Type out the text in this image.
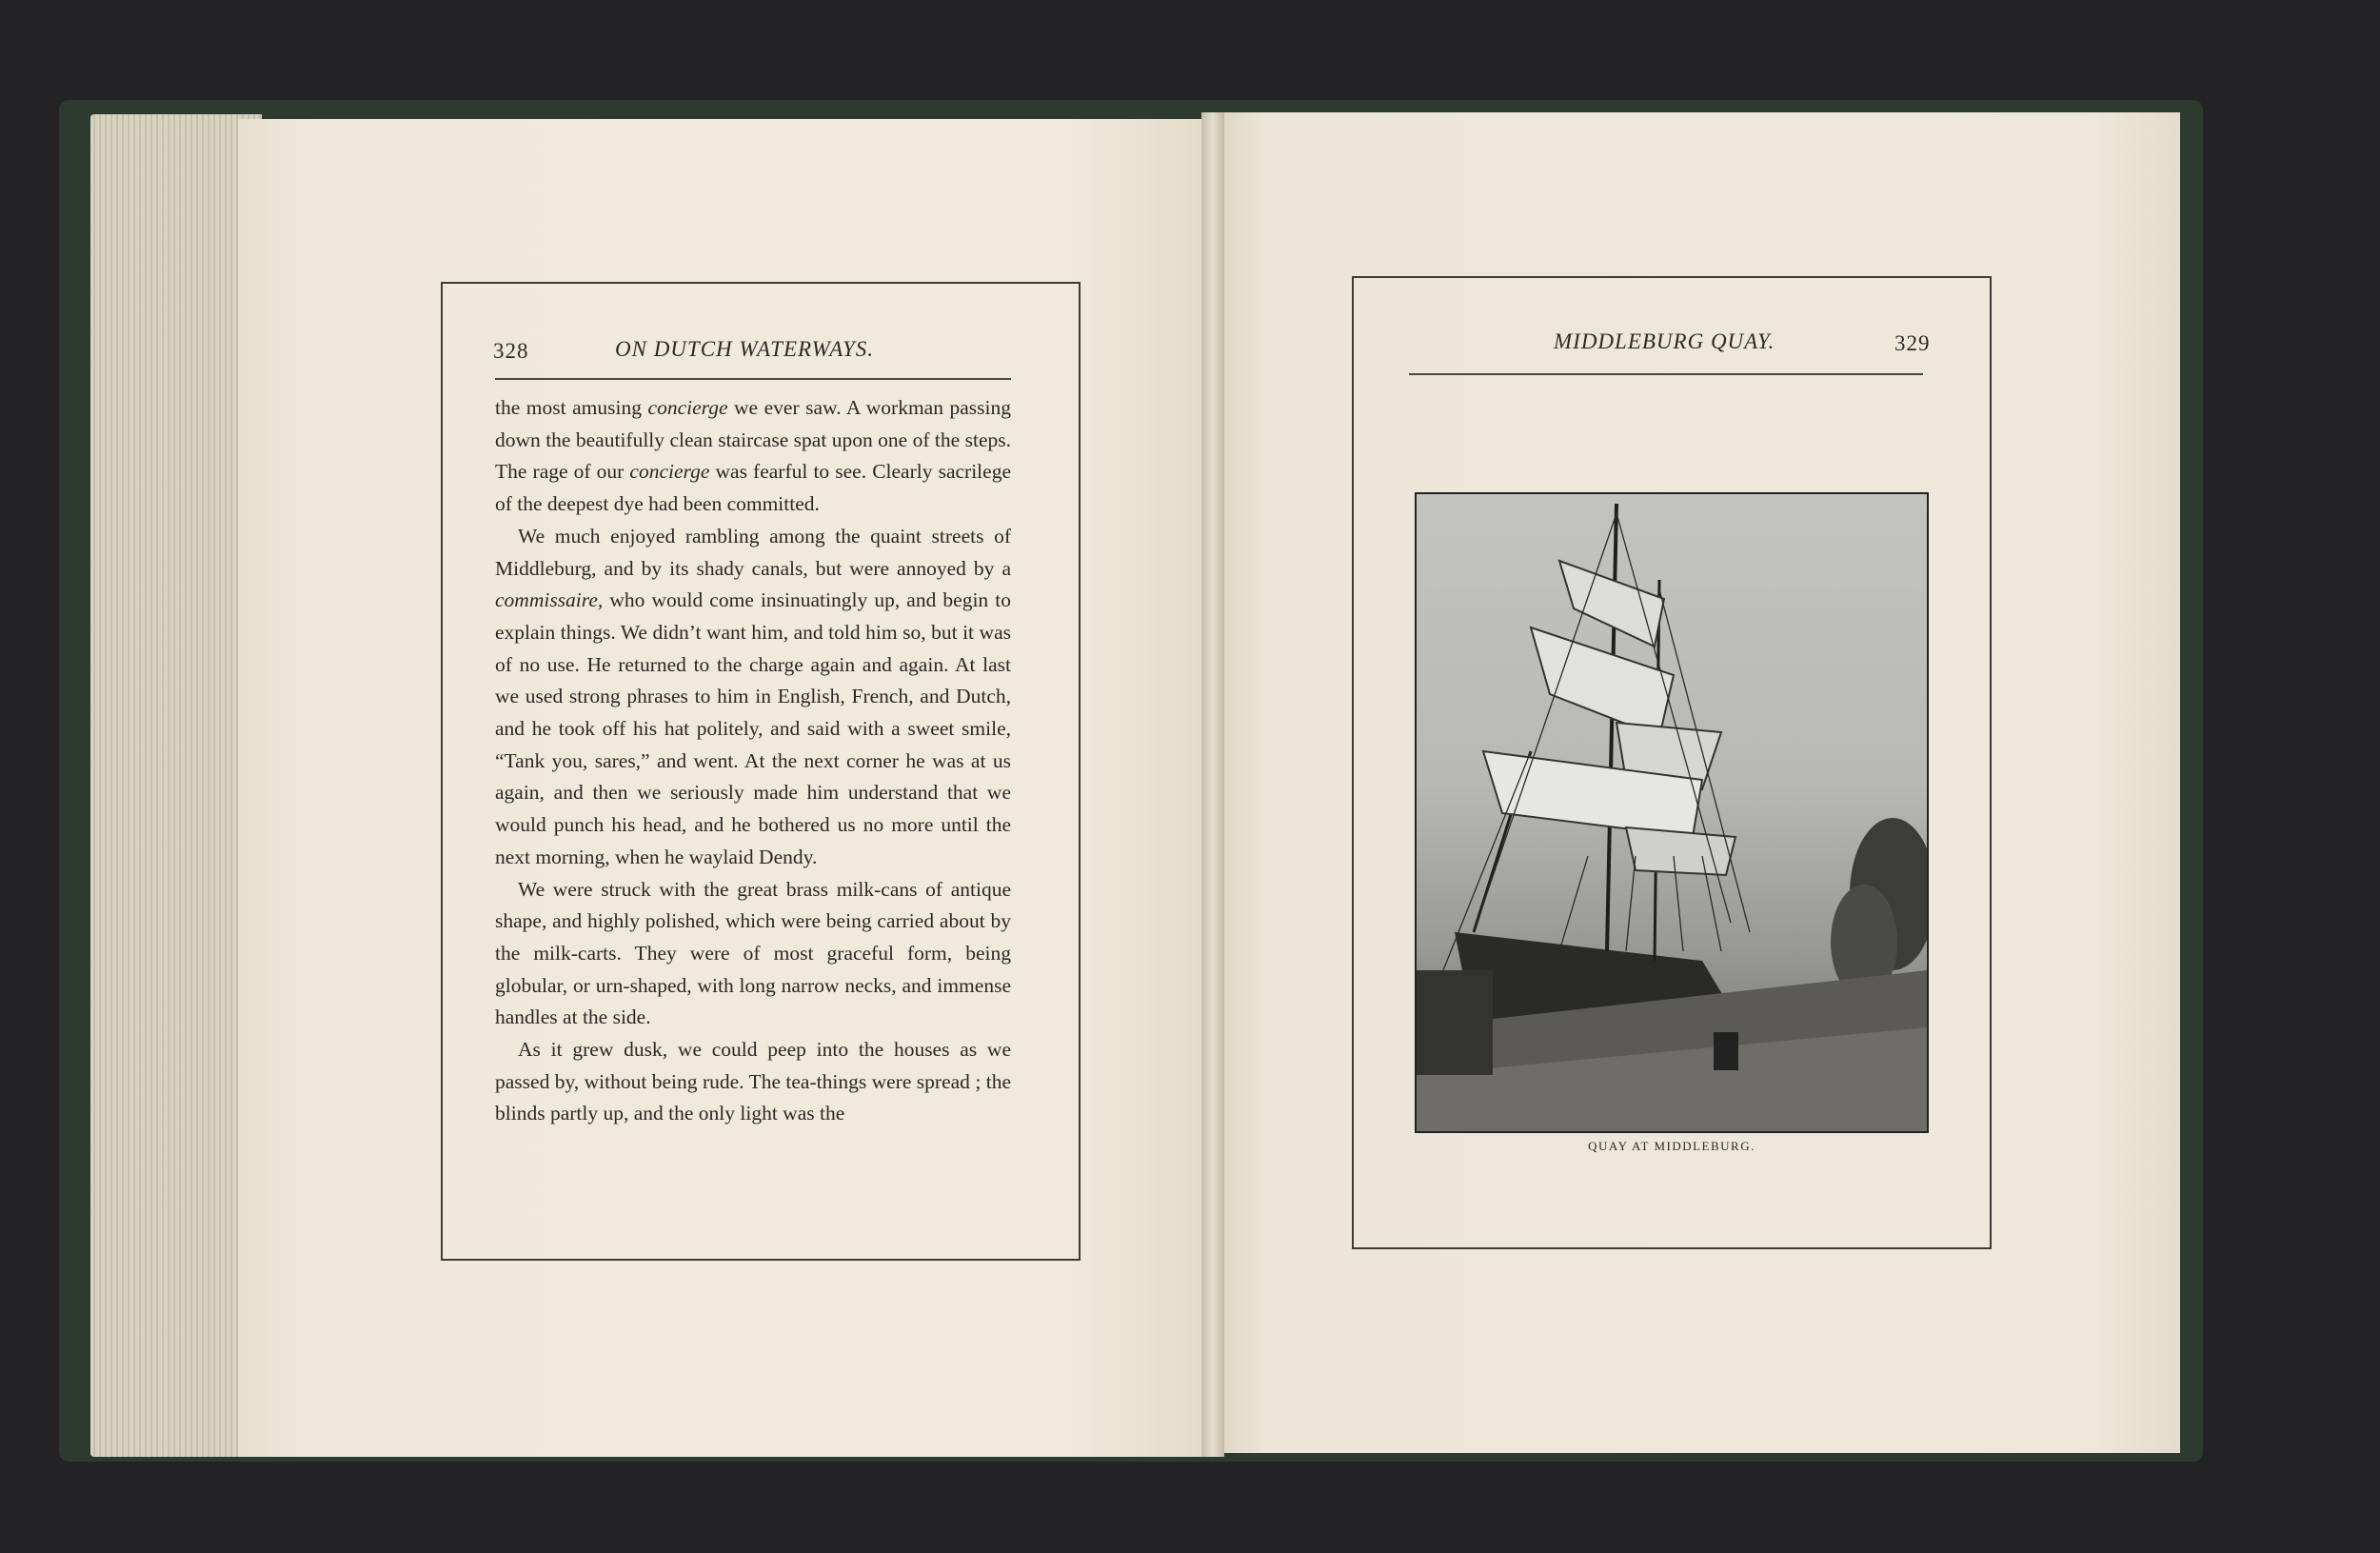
328	ON DUTCH WATERWAYS.

the most amusing concierge we ever saw. A workman passing down the beautifully clean staircase spat upon one of the steps. The rage of our concierge was fearful to see. Clearly sacrilege of the deepest dye had been committed.

We much enjoyed rambling among the quaint streets of Middleburg, and by its shady canals, but were annoyed by a commissaire, who would come insinuatingly up, and begin to explain things. We didn’t want him, and told him so, but it was of no use. He returned to the charge again and again. At last we used strong phrases to him in English, French, and Dutch, and he took off his hat politely, and said with a sweet smile, “Tank you, sares,” and went. At the next corner he was at us again, and then we seriously made him understand that we would punch his head, and he bothered us no more until the next morning, when he waylaid Dendy.

We were struck with the great brass milk-cans of antique shape, and highly polished, which were being carried about by the milk-carts. They were of most graceful form, being globular, or urn-shaped, with long narrow necks, and immense handles at the side.

As it grew dusk, we could peep into the houses as we passed by, without being rude. The tea-things were spread ; the blinds partly up, and the only light was the

MIDDLEBURG QUAY.	329
QUAY AT MIDDLEBURG.
